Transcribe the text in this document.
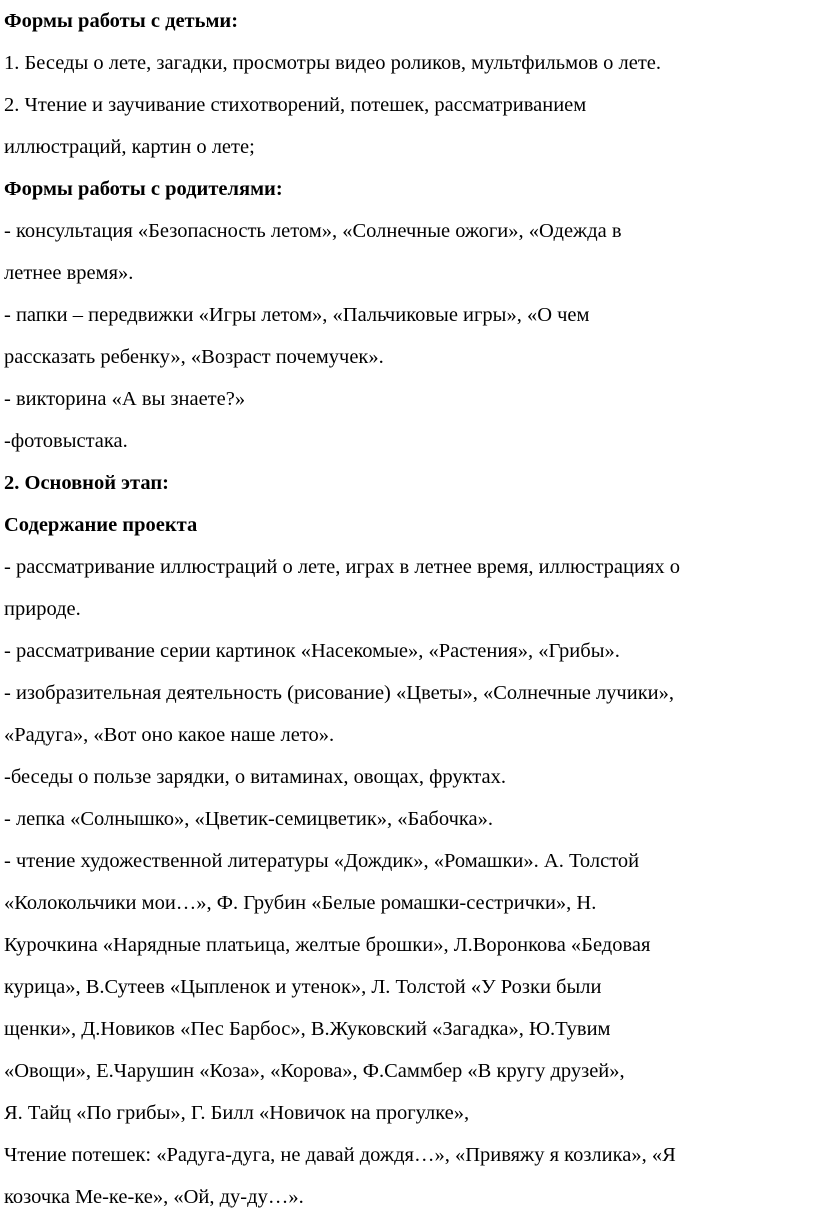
Формы работы с детьми:
1. Беседы о лете, загадки, просмотры видео роликов, мультфильмов о лете.
2. Чтение и заучивание стихотворений, потешек, рассматриванием
иллюстраций, картин о лете;
Формы работы с родителями:
- консультация «Безопасность летом», «Солнечные ожоги», «Одежда в
летнее время».
- папки – передвижки «Игры летом», «Пальчиковые игры», «О чем
рассказать ребенку», «Возраст почемучек».
- викторина «А вы знаете?»
-фотовыстака.
2. Основной этап:
Содержание проекта
- рассматривание иллюстраций о лете, играх в летнее время, иллюстрациях о
природе.
- рассматривание серии картинок «Насекомые», «Растения», «Грибы».
- изобразительная деятельность (рисование) «Цветы», «Солнечные лучики»,
«Радуга», «Вот оно какое наше лето».
-беседы о пользе зарядки, о витаминах, овощах, фруктах.
- лепка «Солнышко», «Цветик-семицветик», «Бабочка».
- чтение художественной литературы «Дождик», «Ромашки». А. Толстой
«Колокольчики мои…», Ф. Грубин «Белые ромашки-сестрички», Н.
Курочкина «Нарядные платьица, желтые брошки», Л.Воронкова «Бедовая
курица», В.Сутеев «Цыпленок и утенок», Л. Толстой «У Розки были
щенки», Д.Новиков «Пес Барбос», В.Жуковский «Загадка», Ю.Тувим
«Овощи», Е.Чарушин «Коза», «Корова», Ф.Саммбер «В кругу друзей»,
Я. Тайц «По грибы», Г. Билл «Новичок на прогулке»,
Чтение потешек: «Радуга-дуга, не давай дождя…», «Привяжу я козлика», «Я
козочка Ме-ке-ке», «Ой, ду-ду…».
